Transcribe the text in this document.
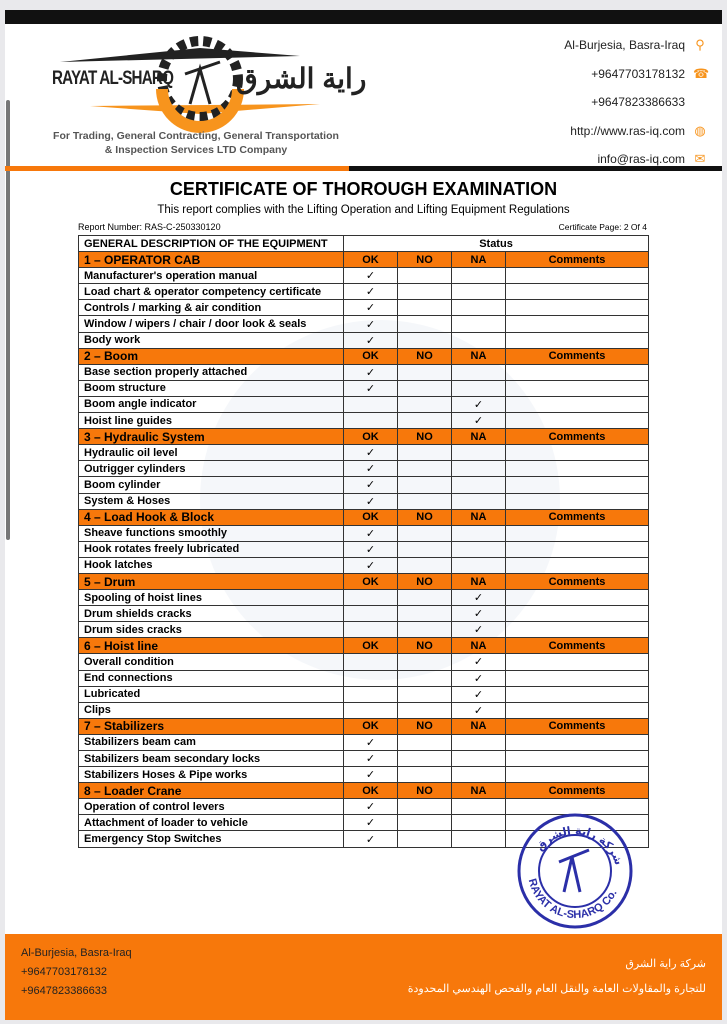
RAYAT AL-SHARQ راية الشرق
For Trading, General Contracting, General Transportation & Inspection Services LTD Company
Al-Burjesia, Basra-Iraq ⚲
+9647703178132 ☎
+9647823386633
http://www.ras-iq.com ◍
info@ras-iq.com ✉
CERTIFICATE OF THOROUGH EXAMINATION
This report complies with the Lifting Operation and Lifting Equipment Regulations
Report Number: RAS-C-250330120	Certificate Page: 2 Of 4
GENERAL DESCRIPTION OF THE EQUIPMENT	Status			
1 – OPERATOR CAB	OK	NO	NA	Comments
Manufacturer's operation manual	✓			
Load chart & operator competency certificate	✓			
Controls / marking & air condition	✓			
Window / wipers / chair / door look & seals	✓			
Body work	✓			
2 – Boom	OK	NO	NA	Comments
Base section properly attached	✓			
Boom structure	✓			
Boom angle indicator			✓	
Hoist line guides			✓	
3 – Hydraulic System	OK	NO	NA	Comments
Hydraulic oil level	✓			
Outrigger cylinders	✓			
Boom cylinder	✓			
System & Hoses	✓			
4 – Load Hook & Block	OK	NO	NA	Comments
Sheave functions smoothly	✓			
Hook rotates freely lubricated	✓			
Hook latches	✓			
5 – Drum	OK	NO	NA	Comments
Spooling of hoist lines			✓	
Drum shields cracks			✓	
Drum sides cracks			✓	
6 – Hoist line	OK	NO	NA	Comments
Overall condition			✓	
End connections			✓	
Lubricated			✓	
Clips			✓	
7 – Stabilizers	OK	NO	NA	Comments
Stabilizers beam cam	✓			
Stabilizers beam secondary locks	✓			
Stabilizers Hoses & Pipe works	✓			
8 – Loader Crane	OK	NO	NA	Comments
Operation of control levers	✓			
Attachment of loader to vehicle	✓			
Emergency Stop Switches	✓			
RAYAT AL-SHARQ Co.
شركة راية الشرق
Al-Burjesia, Basra-Iraq
+9647703178132
+9647823386633
شركة راية الشرق
للتجارة والمقاولات العامة والنقل العام والفحص الهندسي المحدودة
